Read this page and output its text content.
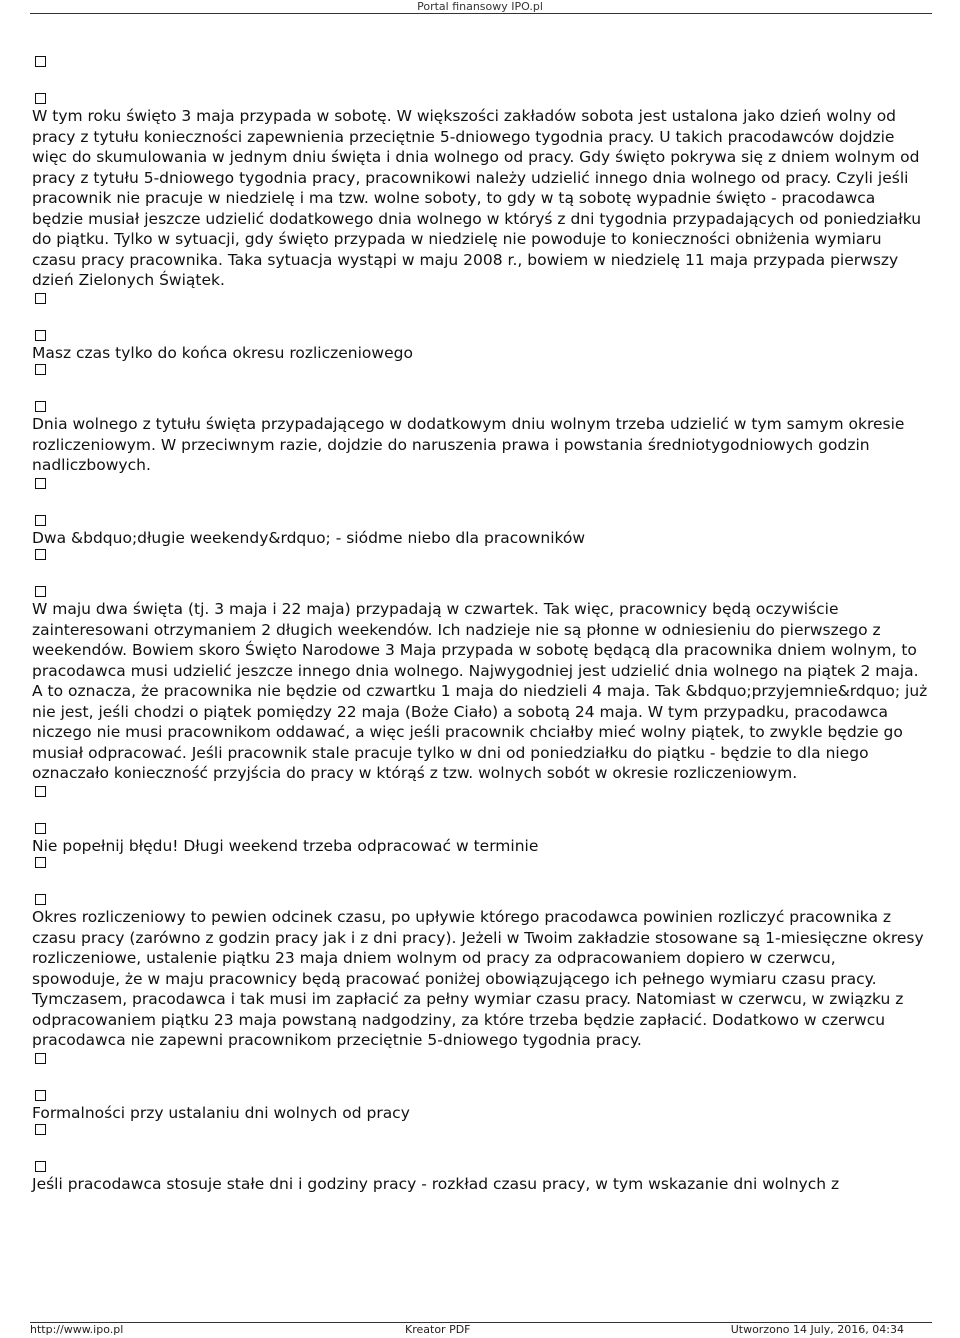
Portal finansowy IPO.pl

W tym roku święto 3 maja przypada w sobotę. W większości zakładów sobota jest ustalona jako dzień wolny od pracy z tytułu konieczności zapewnienia przeciętnie 5-dniowego tygodnia pracy. U takich pracodawców dojdzie więc do skumulowania w jednym dniu święta i dnia wolnego od pracy. Gdy święto pokrywa się z dniem wolnym od pracy z tytułu 5-dniowego tygodnia pracy, pracownikowi należy udzielić innego dnia wolnego od pracy. Czyli jeśli pracownik nie pracuje w niedzielę i ma tzw. wolne soboty, to gdy w tą sobotę wypadnie święto - pracodawca będzie musiał jeszcze udzielić dodatkowego dnia wolnego w któryś z dni tygodnia przypadających od poniedziałku do piątku. Tylko w sytuacji, gdy święto przypada w niedzielę nie powoduje to konieczności obniżenia wymiaru czasu pracy pracownika. Taka sytuacja wystąpi w maju 2008 r., bowiem w niedzielę 11 maja przypada pierwszy dzień Zielonych Świątek.

Masz czas tylko do końca okresu rozliczeniowego

Dnia wolnego z tytułu święta przypadającego w dodatkowym dniu wolnym trzeba udzielić w tym samym okresie rozliczeniowym. W przeciwnym razie, dojdzie do naruszenia prawa i powstania średniotygodniowych godzin nadliczbowych.

Dwa &bdquo;długie weekendy&rdquo; - siódme niebo dla pracowników

W maju dwa święta (tj. 3 maja i 22 maja) przypadają w czwartek. Tak więc, pracownicy będą oczywiście zainteresowani otrzymaniem 2 długich weekendów. Ich nadzieje nie są płonne w odniesieniu do pierwszego z weekendów. Bowiem skoro Święto Narodowe 3 Maja przypada w sobotę będącą dla pracownika dniem wolnym, to pracodawca musi udzielić jeszcze innego dnia wolnego. Najwygodniej jest udzielić dnia wolnego na piątek 2 maja. A to oznacza, że pracownika nie będzie od czwartku 1 maja do niedzieli 4 maja. Tak &bdquo;przyjemnie&rdquo; już nie jest, jeśli chodzi o piątek pomiędzy 22 maja (Boże Ciało) a sobotą 24 maja. W tym przypadku, pracodawca niczego nie musi pracownikom oddawać, a więc jeśli pracownik chciałby mieć wolny piątek, to zwykle będzie go musiał odpracować. Jeśli pracownik stale pracuje tylko w dni od poniedziałku do piątku - będzie to dla niego oznaczało konieczność przyjścia do pracy w którąś z tzw. wolnych sobót w okresie rozliczeniowym.

Nie popełnij błędu! Długi weekend trzeba odpracować w terminie

Okres rozliczeniowy to pewien odcinek czasu, po upływie którego pracodawca powinien rozliczyć pracownika z czasu pracy (zarówno z godzin pracy jak i z dni pracy). Jeżeli w Twoim zakładzie stosowane są 1-miesięczne okresy rozliczeniowe, ustalenie piątku 23 maja dniem wolnym od pracy za odpracowaniem dopiero w czerwcu, spowoduje, że w maju pracownicy będą pracować poniżej obowiązującego ich pełnego wymiaru czasu pracy. Tymczasem, pracodawca i tak musi im zapłacić za pełny wymiar czasu pracy. Natomiast w czerwcu, w związku z odpracowaniem piątku 23 maja powstaną nadgodziny, za które trzeba będzie zapłacić. Dodatkowo w czerwcu pracodawca nie zapewni pracownikom przeciętnie 5-dniowego tygodnia pracy.

Formalności przy ustalaniu dni wolnych od pracy

Jeśli pracodawca stosuje stałe dni i godziny pracy - rozkład czasu pracy, w tym wskazanie dni wolnych z

http://www.ipo.pl	Kreator PDF	Utworzono 14 July, 2016, 04:34
